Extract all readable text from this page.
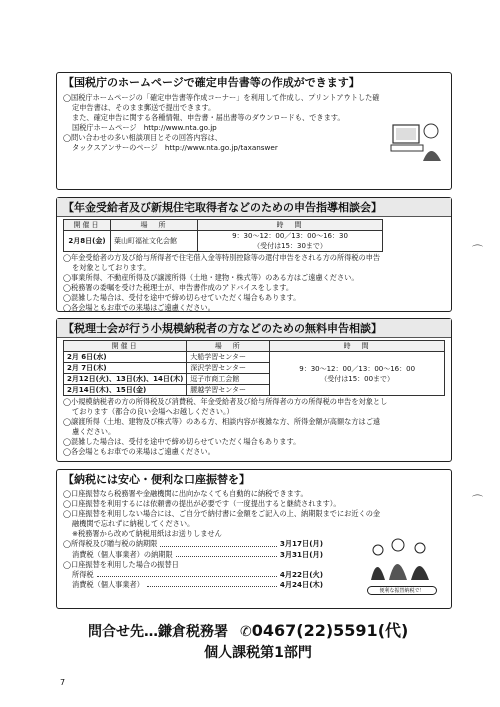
【国税庁のホームページで確定申告書等の作成ができます】
◯国税庁ホームページの「確定申告書等作成コーナー」を利用して作成し、プリントアウトした確
定申告書は、そのまま郵送で提出できます。
また、確定申告に関する各種情報、申告書・届出書等のダウンロードも、できます。
国税庁ホームページ　http://www.nta.go.jp
◯問い合わせの多い相談項目とその回答内容は、
タックスアンサーのページ　http://www.nta.go.jp/taxanswer
【年金受給者及び新規住宅取得者などのための申告指導相談会】
開催日	場　所	時　間
2月8日(金)	葉山町福祉文化会館	9：30～12：00／13：00～16：30
（受付は15：30まで）
◯年金受給者の方及び給与所得者で住宅借入金等特別控除等の還付申告をされる方の所得税の申告
を対象としております。
◯事業所得、不動産所得及び譲渡所得（土地・建物・株式等）のある方はご遠慮ください。
◯税務署の委嘱を受けた税理士が、申告書作成のアドバイスをします。
◯混雑した場合は、受付を途中で締め切らせていただく場合もあります。
◯各会場ともお車での来場はご遠慮ください。
【税理士会が行う小規模納税者の方などのための無料申告相談】
開催日	場　所	時　間
2月 6日(水)	大船学習センター	9：30～12：00／13：00～16：00
（受付は15：00まで）

2月 7日(木)	深沢学習センター	
2月12日(火)、13日(水)、14日(木)	逗子市商工会館	
2月14日(木)、15日(金)	腰越学習センター	
◯小規模納税者の方の所得税及び消費税、年金受給者及び給与所得者の方の所得税の申告を対象とし
ております（都合の良い会場へお越しください。）
◯譲渡所得（土地、建物及び株式等）のある方、相談内容が複雑な方、所得金額が高額な方はご遠
慮ください。
◯混雑した場合は、受付を途中で締め切らせていただく場合もあります。
◯各会場ともお車での来場はご遠慮ください。
【納税には安心・便利な口座振替を】
◯口座振替なら税務署や金融機関に出向かなくても自動的に納税できます。
◯口座振替を利用するには依頼書の提出が必要です（一度提出すると継続されます）。
◯口座振替を利用しない場合には、ご自分で納付書に金額をご記入の上、納期限までにお近くの金
融機関で忘れずに納税してください。
※税務署から改めて納税用紙はお送りしません
◯所得税及び贈与税の納期限	3月17日(月)
消費税（個人事業者）の納期限	3月31日(月)
◯口座振替を利用した場合の振替日
所得税	4月22日(火)
消費税（個人事業者）	4月24日(木)
便利な振替納税で！
問合せ先…鎌倉税務署 ✆ 0467(22)5591(代)
個人課税第1部門
7
⌒
⌒
